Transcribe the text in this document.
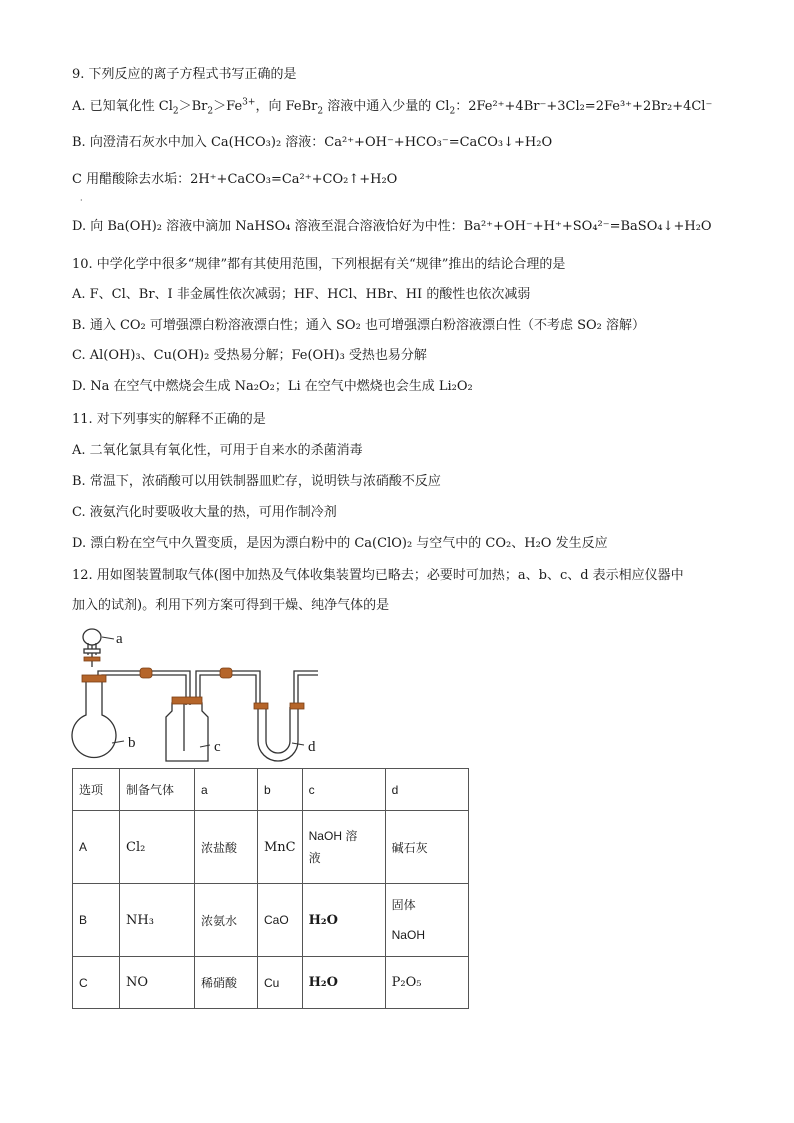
9. 下列反应的离子方程式书写正确的是
A. 已知氧化性 $Cl_2>Br_2>Fe^{3+}$，向 FeBr$_2$ 溶液中通入少量的 $Cl_2$：2Fe²⁺+4Br⁻+3Cl₂=2Fe³⁺+2Br₂+4Cl⁻
B. 向澄清石灰水中加入 Ca(HCO₃)₂ 溶液：Ca²⁺+OH⁻+HCO₃⁻=CaCO₃↓+H₂O
C 用醋酸除去水垢：2H⁺+CaCO₃=Ca²⁺+CO₂↑+H₂O
·
D. 向 Ba(OH)₂ 溶液中滴加 NaHSO₄ 溶液至混合溶液恰好为中性：Ba²⁺+OH⁻+H⁺+SO₄²⁻=BaSO₄↓+H₂O
10. 中学化学中很多“规律”都有其使用范围，下列根据有关“规律”推出的结论合理的是
A. F、Cl、Br、I 非金属性依次减弱；HF、HCl、HBr、HI 的酸性也依次减弱
B. 通入 CO₂ 可增强漂白粉溶液漂白性；通入 SO₂ 也可增强漂白粉溶液漂白性（不考虑 SO₂ 溶解）
C. Al(OH)₃、Cu(OH)₂ 受热易分解；Fe(OH)₃ 受热也易分解
D. Na 在空气中燃烧会生成 Na₂O₂；Li 在空气中燃烧也会生成 Li₂O₂
11. 对下列事实的解释不正确的是
A. 二氧化氯具有氧化性，可用于自来水的杀菌消毒
B. 常温下，浓硝酸可以用铁制器皿贮存，说明铁与浓硝酸不反应
C. 液氨汽化时要吸收大量的热，可用作制冷剂
D. 漂白粉在空气中久置变质，是因为漂白粉中的 Ca(ClO)₂ 与空气中的 CO₂、H₂O 发生反应
12. 用如图装置制取气体(图中加热及气体收集装置均已略去；必要时可加热；a、b、c、d 表示相应仪器中
加入的试剂)。利用下列方案可得到干燥、纯净气体的是
a
b	c	d
选项	制备气体	a	b	c	d
A	Cl₂	浓盐酸	MnC	NaOH 溶
液	碱石灰
B	NH₃	浓氨水	CaO	H₂O	固体
NaOH

C	NO	稀硝酸	Cu	H₂O	P₂O₅
